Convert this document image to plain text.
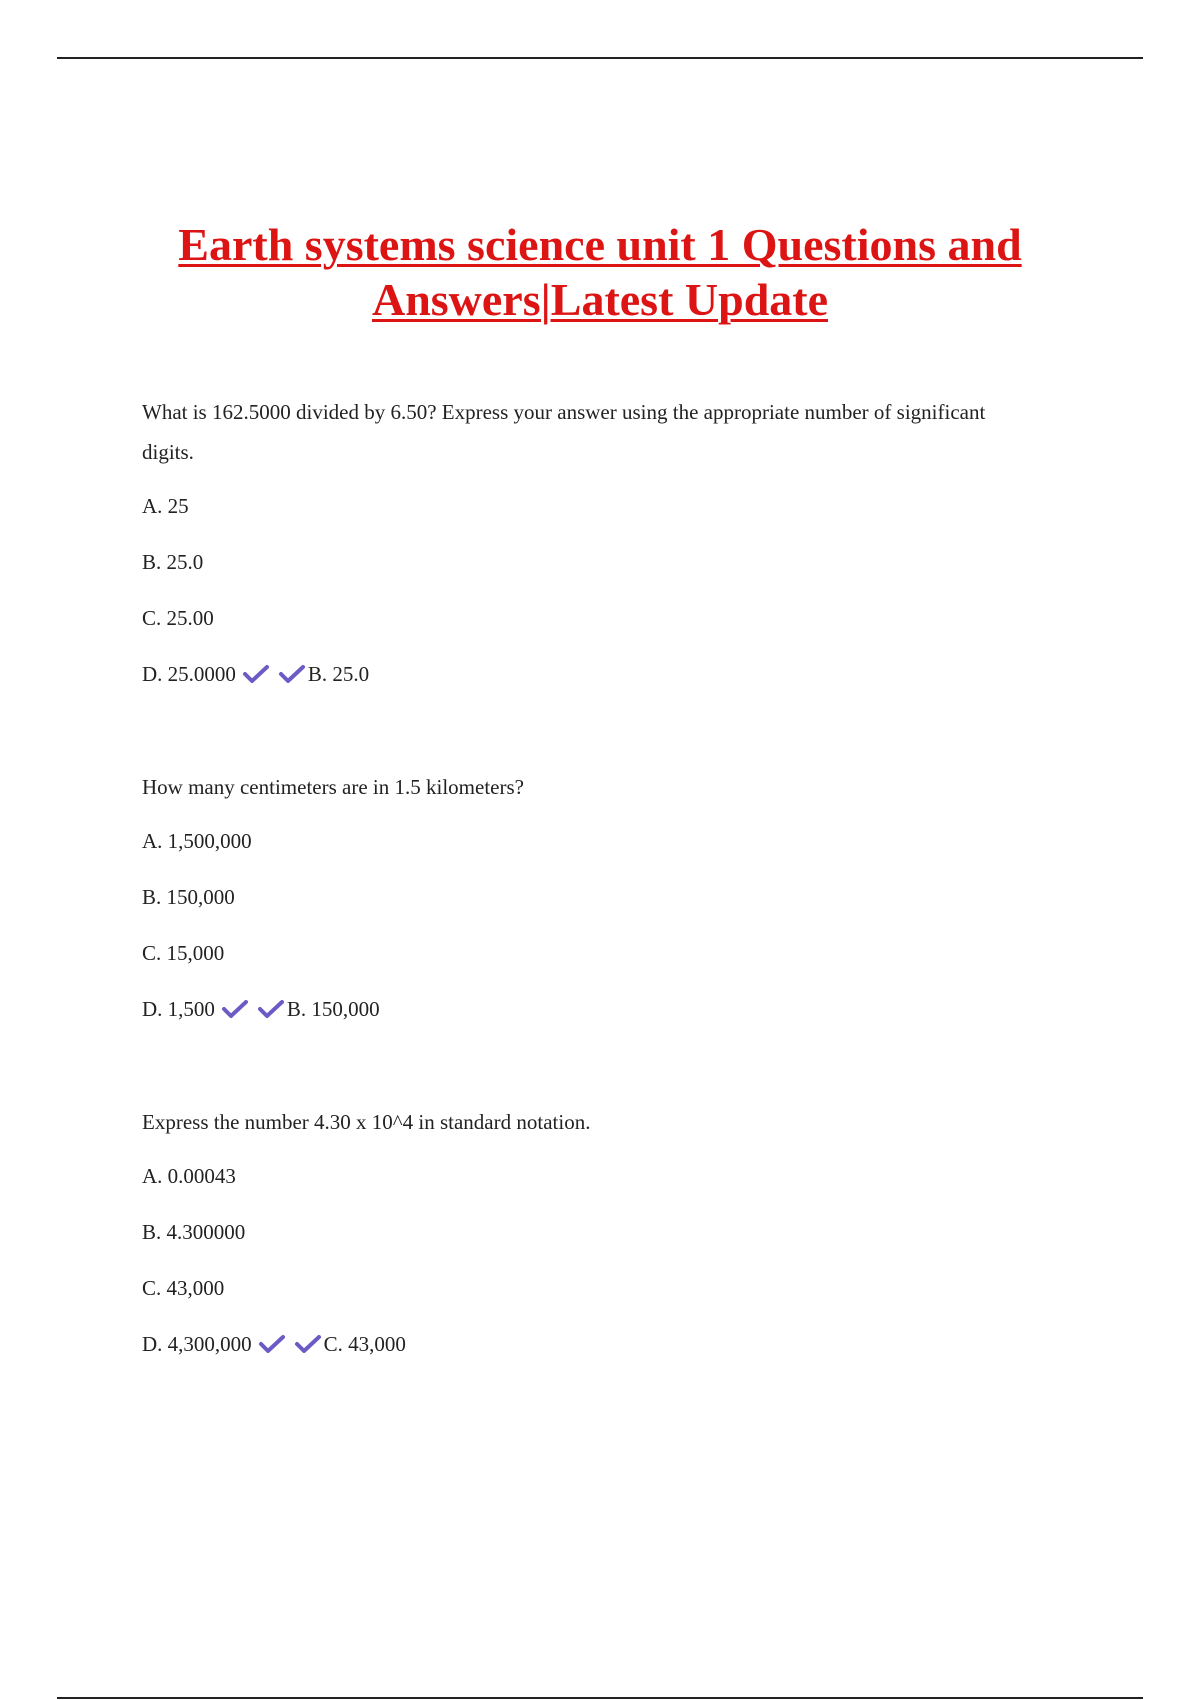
Earth systems science unit 1 Questions and
Answers|Latest Update

What is 162.5000 divided by 6.50? Express your answer using the appropriate number of significant digits.

A. 25
B. 25.0
C. 25.00
D. 25.0000	B. 25.0

How many centimeters are in 1.5 kilometers?

A. 1,500,000
B. 150,000
C. 15,000
D. 1,500	B. 150,000

Express the number 4.30 x 10^4 in standard notation.

A. 0.00043
B. 4.300000
C. 43,000
D. 4,300,000	C. 43,000
